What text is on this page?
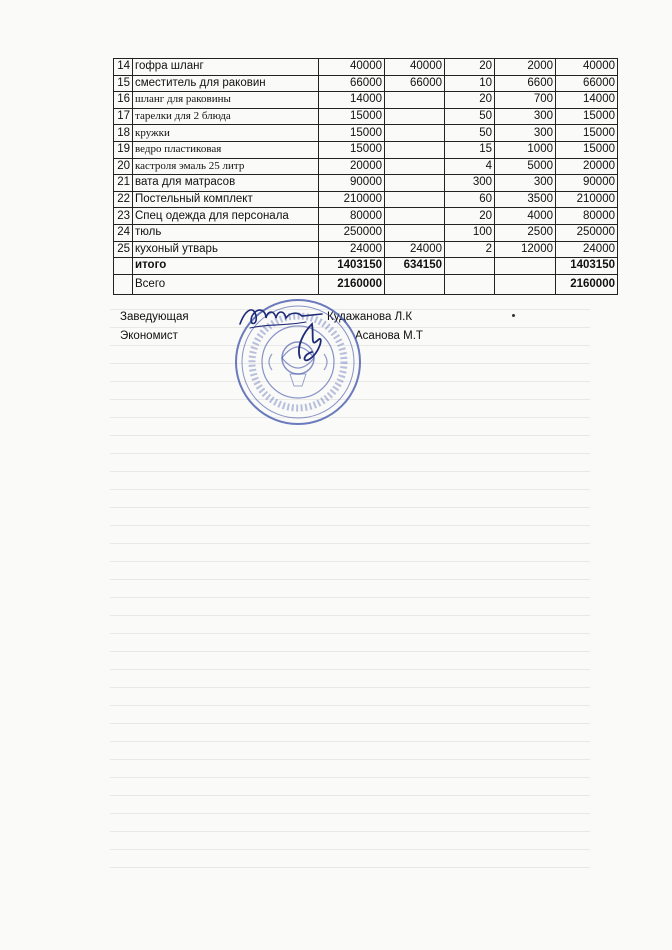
14	гофра шланг	40000	40000	20	2000	40000
15	сместитель для раковин	66000	66000	10	6600	66000
16	шланг для раковины	14000		20	700	14000
17	тарелки для 2 блюда	15000		50	300	15000
18	кружки	15000		50	300	15000
19	ведро пластиковая	15000		15	1000	15000
20	кастроля эмаль 25 литр	20000		4	5000	20000
21	вата для матрасов	90000		300	300	90000
22	Постельный комплект	210000		60	3500	210000
23	Спец одежда для персонала	80000		20	4000	80000
24	тюль	250000		100	2500	250000
25	кухоный утварь	24000	24000	2	12000	24000
	итого	1403150	634150			1403150
	Всего	2160000				2160000
Заведующая	Кудажанова Л.К
Экономист	Асанова М.Т
